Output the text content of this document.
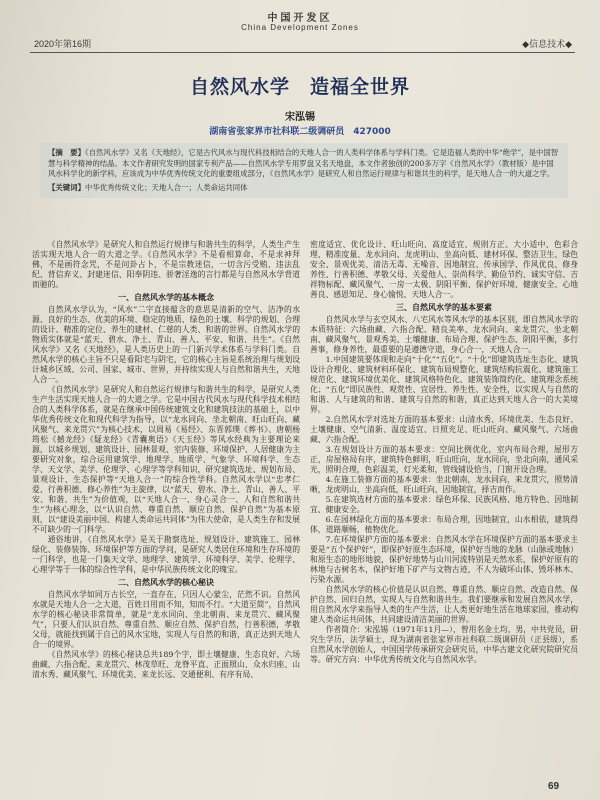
中国开发区
China Development Zones
2020年第16期	◆信息技术◆
自然风水学　造福全世界
宋泓锡
湖南省张家界市社科联二级调研员　427000

【摘　要】《自然风水学》又名《天地经》，它是古代风水与现代科技相结合的天地人合一的人类科学体系与学科门类。它是造福人类的中华“绝学”，是中国智慧与科学精神的结晶。本文作者研究发明的国家专利产品——自然风水学专用罗盘又名天地盘，本文作者独创的200多万字《自然风水学》（教材版）是中国风水科学化的新学科，应该成为中华优秀传统文化的重要组成部分，《自然风水学》是研究人和自然运行规律与和谐共生的科学，是天地人合一的大道之学。

【关键词】中华优秀传统文化；天地人合一；人类命运共同体

《自然风水学》是研究人和自然运行规律与和谐共生的科学，人类生产生活实现天地人合一的大道之学。《自然风水学》不是看相算命，不是求神拜佛，不是画符念咒，不是问卦占卜，不是宗教迷信，一切含污受贿、违法乱纪、背信弃义、封建迷信、阳奉阴违、骄奢淫逸的言行都是与自然风水学背道而驰的。

一、自然风水学的基本概念

自然风水学认为，“风水”二字直接蕴含的意思是清新的空气、洁净的水源、良好的生态、优美的环境、稳定的地质、绿色的土壤、科学的规划、合理的设计、精准的定位、养生的建材、仁慈的人类、和谐的世界。自然风水学的物质实体就是“蓝天、碧水、净土、青山、善人、平安、和谐、共生”。《自然风水学》又名《天地经》，是人类历史上的一门新兴学术体系与学科门类。自然风水学的核心主旨不只是看阳宅与阴宅，它的核心主旨是系统治理与规划设计城乡区域、公司、国家、城市、世界，并持续实现人与自然和谐共生，天地人合一。

《自然风水学》是研究人和自然运行规律与和谐共生的科学，是研究人类生产生活实现天地人合一的大道之学。它是中国古代风水与现代科学技术相结合的人类科学体系，就是在继承中国传统建筑文化和建筑技法的基础上，以中华优秀传统文化和现代科学为指导，以“龙水同向、坐北朝南、旺山旺向、藏风聚气、来龙贯穴”为核心技术，以周易《易经》、东晋郭璞《葬书》、唐朝杨筠松《撼龙经》《疑龙经》《青囊奥语》《天玉经》等风水经典为主要理论来源，以城乡规划、建筑设计、园林景观、室内装修、环境保护、人居健康为主要研究对象，综合运用建筑学、地理学、地质学、气象学、环境科学、生态学、天文学、美学、伦理学、心理学等学科知识，研究建筑选址、规划布局、景观设计、生态保护等“天地人合一”的综合性学科。自然风水学以“忠孝仁爱、行善积德、修心养性”为主旋律，以“蓝天、碧水、净土、青山、善人、平安、和谐、共生”为价值观，以“天地人合一、身心灵合一、人和自然和谐共生”为核心理念，以“认识自然、尊重自然、顺应自然、保护自然”为基本原则，以“建设美丽中国、构建人类命运共同体”为伟大使命，是人类生存和发展不可缺少的一门科学。

通俗地讲，《自然风水学》是关于勘察选址、规划设计、建筑施工、园林绿化、装修装饰、环境保护等方面的学问，是研究人类居住环境和生存环境的一门科学，也是一门集天文学、地理学、建筑学、环境科学、美学、伦理学、心理学等于一体的综合性学科，是中华民族传统文化的瑰宝。

二、自然风水学的核心秘诀

自然风水学如同万古长空，一直存在，只因人心蒙尘，茫然不识。自然风水就是天地人合一之大道，百姓日用而不知，知而不行。“大道至简”，自然风水学的核心秘诀非常简单，就是“龙水同向、坐北朝南、来龙贯穴、藏风聚气”，只要人们认识自然、尊重自然、顺应自然、保护自然，行善积德，孝敬父母，就能找到属于自己的风水宝地，实现人与自然的和谐，真正达到天地人合一的境界。

《自然风水学》的核心秘诀总共189个字，即土壤健康、生态良好、六场曲藏、六指合配、来龙贯穴、林茂草旺、龙脊平直、正面照山、众水归座、山清水秀、藏风聚气、环境优美、来龙长远、交通便利、有序有局、

密度适宜、优化设计、旺山旺向、高度适宜、规则方正、大小适中、色彩合理、精准度量、龙水同向、龙虎明山、坐高向低、建材环保、整洁卫生、绿色安全、景观优美、清洁无毒、无噪音、因地制宜、传承国学、作风优良、修身养性、行善积德、孝敬父母、关爱他人、崇尚科学、勤俭节约、诚实守信、吉祥物标配、藏风聚气、一房一太极、阴阳平衡、保护好环境、健康安全、心地善良、感恩知足、身心愉悦、天地人合一。

三、自然风水学的基本要素

自然风水学与玄空风水、八宅风水等风水学的基本区别，即自然风水学的本质特征：六场曲藏、六指合配、精良美率、龙水同向、来龙贯穴、坐北朝南、藏风聚气、景观秀美、土壤健康、布局合理、保护生态、阴阳平衡，多行善事，修身养性，最重要的是遵德守道，身心合一，天地人合一。

1.中国建筑要体现和走向“十化”“五化”。“十化”即建筑选址生态化、建筑设计合理化、建筑材料环保化、建筑布局规整化、建筑结构抗震化、建筑施工规范化、建筑环境优美化、建筑风格特色化、建筑装饰简约化、建筑理念系统化；“五化”即民族性、观赏性、宜居性、养生性、安全性，以实现人与自然的和谐、人与建筑的和谐、建筑与自然的和谐，真正达到天地人合一的大美境界。

2.自然风水学对选址方面的基本要求：山清水秀、环境优美、生态良好、土壤健康、空气清新、温度适宜、日照充足、旺山旺向、藏风聚气、六场曲藏、六指合配。

3.在规划设计方面的基本要求：空间比例优化，室内布局合理，屋形方正，房屋格局有序，建筑特色鲜明，旺山旺向，龙水同向，坐北向南，通风采光，照明合理，色彩温美，灯光柔和，管线铺设恰当，门窗开设合理。

4.在施工装修方面的基本要求：坐北朝南，龙水同向，来龙贯穴，照势清晰，龙虎明山，坐高向低，旺山旺向，因地制宜，择吉而作。

5.在建筑选材方面的基本要求：绿色环保、民族风格、地方特色、因地制宜、健康安全。

6.在园林绿化方面的基本要求：布局合理，因地制宜，山水相依，建筑得体，道路顺畅，植物优化。

7.在环境保护方面的基本要求：自然风水学在环境保护方面的基本要求主要是“五个保护好”，即保护好原生态环境，保护好当地的龙脉（山脉或地脉）和原生态的地形地貌，保护好地势与山川河流特别是天然水系，保护好原有的林地与古树名木，保护好地下矿产与文物古迹，不人为破坏山体、毁坏林木、污染水源。

自然风水学的核心价值是认识自然、尊重自然、顺应自然、改造自然、保护自然、回归自然，实现人与自然和谐共生。我们要继承和发展自然风水学，用自然风水学来指导人类的生产生活，让人类更好地生活在地球家园，推动构建人类命运共同体，共同建设清洁美丽的世界。

作者简介：宋泓锡（1971年11月—），曾用名金土均，男，中共党员，研究生学历，法学硕士，现为湖南省张家界市社科联二级调研员（正县级），系自然风水学创始人，中国国学传承研究会研究员，中华古建文化研究院研究员等。研究方向：中华优秀传统文化与自然风水学。

69
